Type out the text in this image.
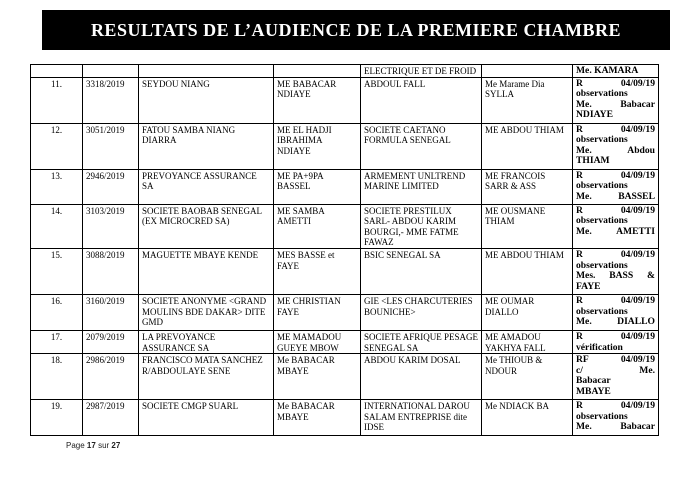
RESULTATS DE L’AUDIENCE DE LA PREMIERE CHAMBRE
				ELECTRIQUE ET DE FROID		Me. KAMARA
11.	3318/2019	SEYDOU NIANG	ME BABACAR NDIAYE	ABDOUL FALL	Me Marame Dia SYLLA	R 04/09/19
observations
Me. Babacar
NDIAYE

12.	3051/2019	FATOU SAMBA NIANG DIARRA	ME EL HADJI IBRAHIMA NDIAYE	SOCIETE CAETANO FORMULA SENEGAL	ME ABDOU THIAM	R 04/09/19
observations
Me. Abdou
THIAM

13.	2946/2019	PREVOYANCE ASSURANCE SA	ME PA+9PA BASSEL	ARMEMENT UNLTREND MARINE LIMITED	ME FRANCOIS SARR & ASS	R 04/09/19
observations
Me. BASSEL

14.	3103/2019	SOCIETE BAOBAB SENEGAL (EX MICROCRED SA)	ME SAMBA AMETTI	SOCIETE PRESTILUX SARL- ABDOU KARIM BOURGI,- MME FATME FAWAZ	ME OUSMANE THIAM	R 04/09/19
observations
Me. AMETTI

15.	3088/2019	MAGUETTE MBAYE KENDE	MES BASSE et FAYE	BSIC SENEGAL SA	ME ABDOU THIAM	R 04/09/19
observations
Mes. BASS &
FAYE

16.	3160/2019	SOCIETE ANONYME <GRAND MOULINS BDE DAKAR> DITE GMD	ME CHRISTIAN FAYE	GIE <LES CHARCUTERIES BOUNICHE>	ME OUMAR DIALLO	R 04/09/19
observations
Me. DIALLO

17.	2079/2019	LA PREVOYANCE ASSURANCE SA	ME MAMADOU GUEYE MBOW	SOCIETE AFRIQUE PESAGE SENEGAL SA	ME AMADOU YAKHYA FALL	R 04/09/19
vérification

18.	2986/2019	FRANCISCO MATA SANCHEZ R/ABDOULAYE SENE	Me BABACAR MBAYE	ABDOU KARIM DOSAL	Me THIOUB & NDOUR	RF 04/09/19
c/ Me.
Babacar
MBAYE

19.	2987/2019	SOCIETE CMGP SUARL	Me BABACAR MBAYE	INTERNATIONAL DAROU SALAM ENTREPRISE dite IDSE	Me NDIACK BA	R 04/09/19
observations
Me. Babacar
Page 17 sur 27
